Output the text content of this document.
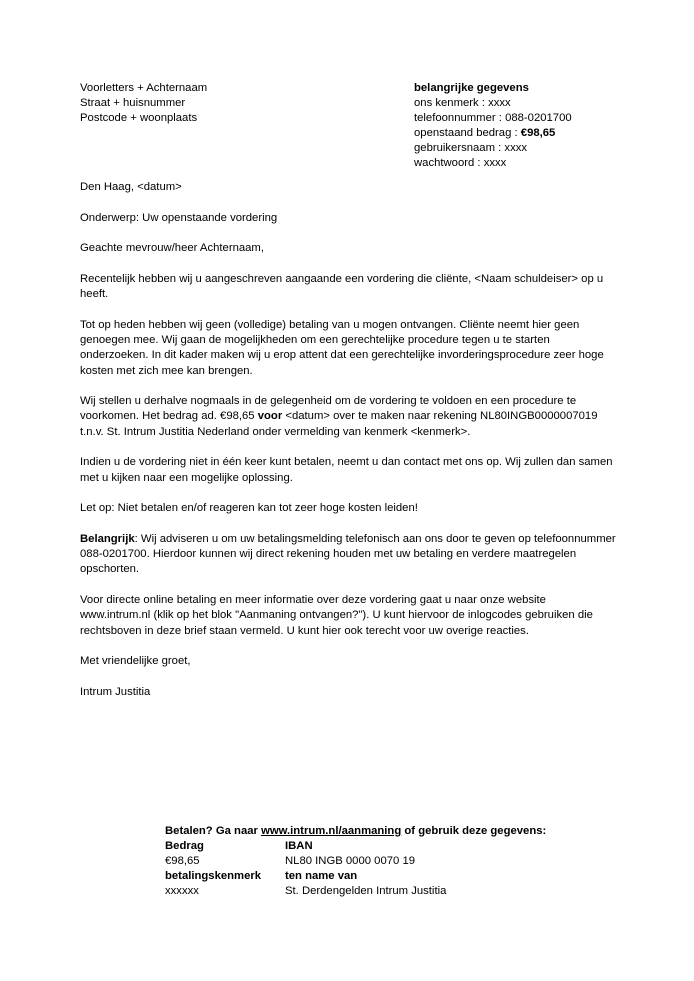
Voorletters + Achternaam
Straat + huisnummer
Postcode + woonplaats
belangrijke gegevens
ons kenmerk : xxxx
telefoonnummer : 088-0201700
openstaand bedrag : €98,65
gebruikersnaam : xxxx
wachtwoord : xxxx

Den Haag, <datum>

Onderwerp: Uw openstaande vordering

Geachte mevrouw/heer Achternaam,

Recentelijk hebben wij u aangeschreven aangaande een vordering die cliënte, <Naam schuldeiser> op u heeft.

Tot op heden hebben wij geen (volledige) betaling van u mogen ontvangen. Cliënte neemt hier geen genoegen mee. Wij gaan de mogelijkheden om een gerechtelijke procedure tegen u te starten onderzoeken. In dit kader maken wij u erop attent dat een gerechtelijke invorderingsprocedure zeer hoge kosten met zich mee kan brengen.

Wij stellen u derhalve nogmaals in de gelegenheid om de vordering te voldoen en een procedure te voorkomen. Het bedrag ad. €98,65 voor <datum> over te maken naar rekening NL80INGB0000007019 t.n.v. St. Intrum Justitia Nederland onder vermelding van kenmerk <kenmerk>.

Indien u de vordering niet in één keer kunt betalen, neemt u dan contact met ons op. Wij zullen dan samen met u kijken naar een mogelijke oplossing.

Let op: Niet betalen en/of reageren kan tot zeer hoge kosten leiden!

Belangrijk: Wij adviseren u om uw betalingsmelding telefonisch aan ons door te geven op telefoonnummer 088-0201700. Hierdoor kunnen wij direct rekening houden met uw betaling en verdere maatregelen opschorten.

Voor directe online betaling en meer informatie over deze vordering gaat u naar onze website www.intrum.nl (klik op het blok "Aanmaning ontvangen?"). U kunt hiervoor de inlogcodes gebruiken die rechtsboven in deze brief staan vermeld. U kunt hier ook terecht voor uw overige reacties.

Met vriendelijke groet,

Intrum Justitia

Betalen? Ga naar www.intrum.nl/aanmaning of gebruik deze gegevens:
Bedrag	IBAN
€98,65	NL80 INGB 0000 0070 19
betalingskenmerk	ten name van
xxxxxx	St. Derdengelden Intrum Justitia
